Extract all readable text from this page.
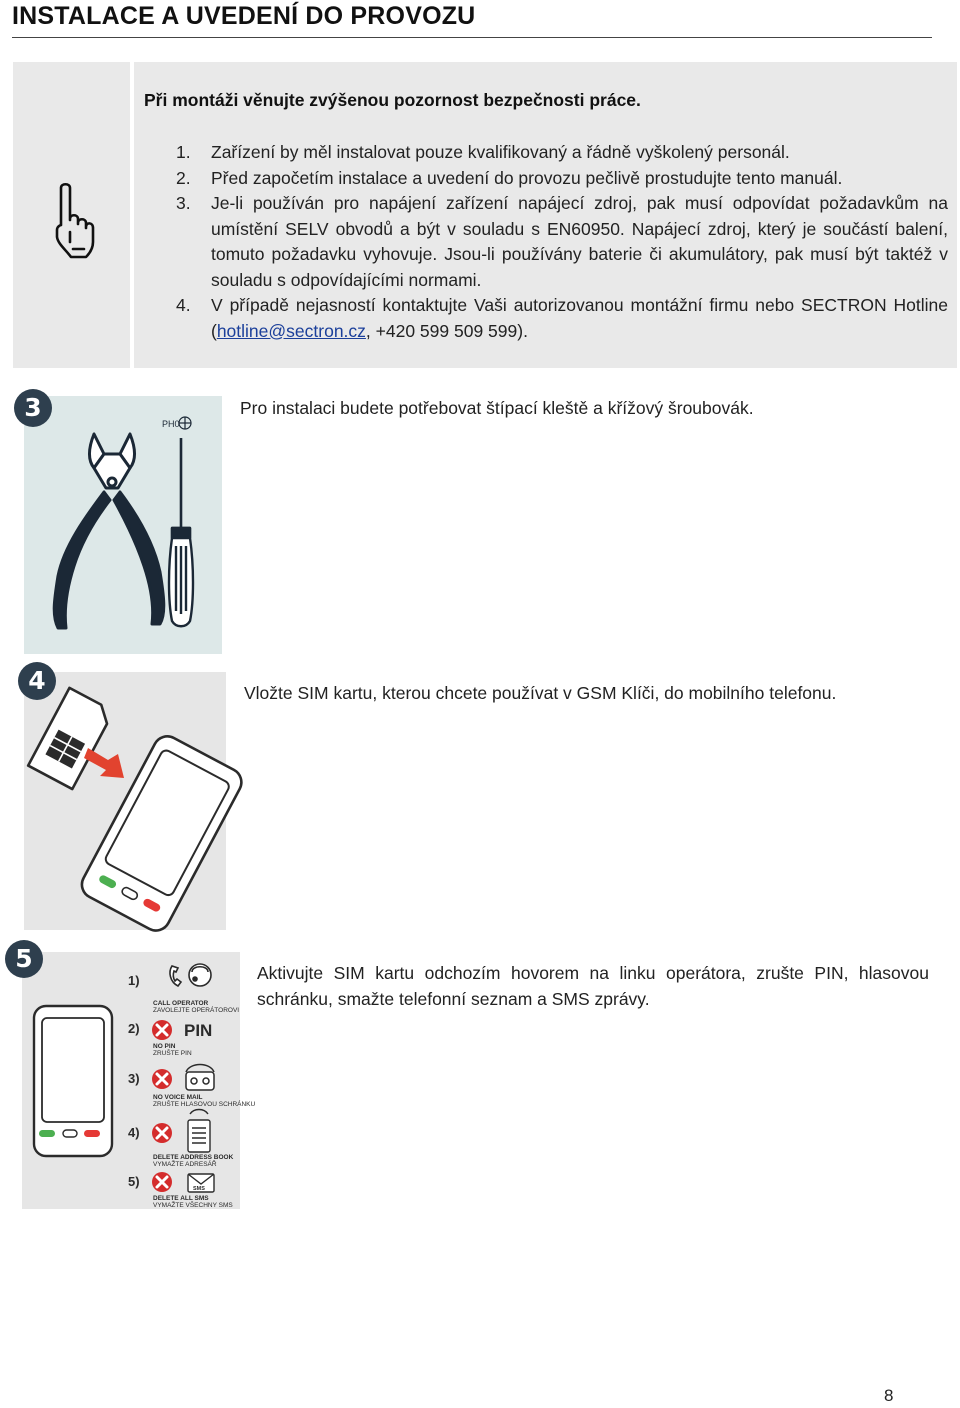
INSTALACE A UVEDENÍ DO PROVOZU
Při montáži věnujte zvýšenou pozornost bezpečnosti práce.
1. Zařízení by měl instalovat pouze kvalifikovaný a řádně vyškolený personál.
2. Před započetím instalace a uvedení do provozu pečlivě prostudujte tento manuál.
3. Je-li používán pro napájení zařízení napájecí zdroj, pak musí odpovídat požadavkům na umístění SELV obvodů a být v souladu s EN60950. Napájecí zdroj, který je součástí balení, tomuto požadavku vyhovuje. Jsou-li používány baterie či akumulátory, pak musí být taktéž v souladu s odpovídajícími normami.
4. V případě nejasností kontaktujte Vaši autorizovanou montážní firmu nebo SECTRON Hotline (hotline@sectron.cz, +420 599 509 599).
PH0
3	Pro instalaci budete potřebovat štípací kleště a křížový šroubovák.
4	Vložte SIM kartu, kterou chcete používat v GSM Klíči, do mobilního telefonu.
1)
CALL OPERATOR
ZAVOLEJTE OPERÁTOROVI
2)	PIN
NO PIN
ZRUŠTE PIN
3)
NO VOICE MAIL
ZRUŠTE HLASOVOU SCHRÁNKU
4)
DELETE ADDRESS BOOK
VYMAŽTE ADRESÁŘ
5)	SMS
DELETE ALL SMS
VYMAŽTE VŠECHNY SMS
5	Aktivujte SIM kartu odchozím hovorem na linku operátora, zrušte PIN, hlasovou schránku, smažte telefonní seznam a SMS zprávy.
8
